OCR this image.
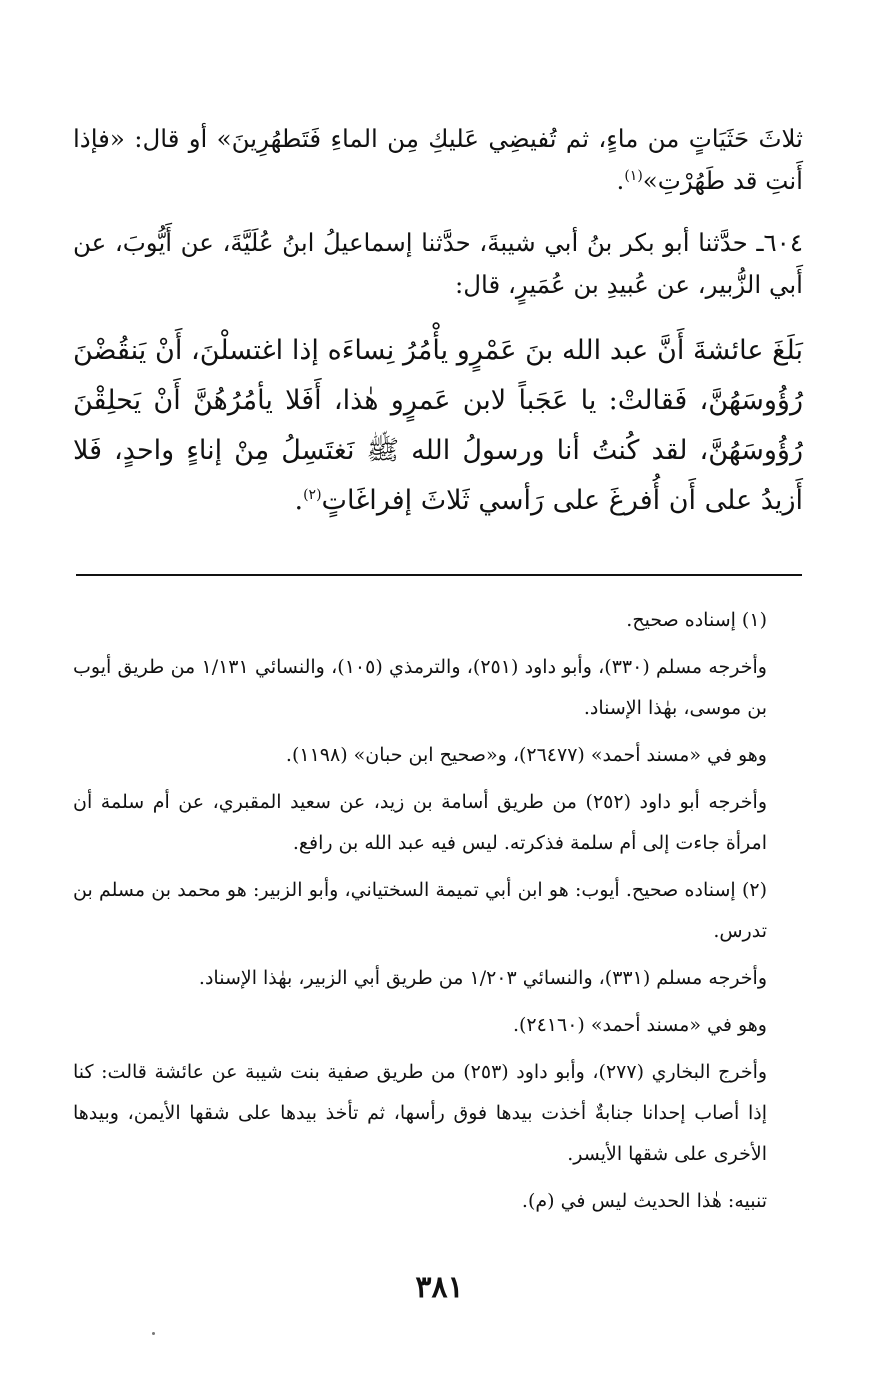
ثلاثَ حَثَيَاتٍ من ماءٍ، ثم تُفيضِي عَليكِ مِن الماءِ فَتَطهُرِينَ» أو قال: «فإذا أَنتِ قد طَهُرْتِ»$^{(١)}$.

٦٠٤ـ حدَّثنا أبو بكر بنُ أبي شيبةَ، حدَّثنا إسماعيلُ ابنُ عُلَيَّةَ، عن أَيُّوبَ، عن أَبي الزُّبير، عن عُبيدِ بن عُمَيرٍ، قال:

بَلَغَ عائشةَ أَنَّ عبد الله بنَ عَمْرٍو يأْمُرُ نِساءَه إذا اغتسلْنَ، أَنْ يَنقُضْنَ رُؤُوسَهُنَّ، فَقالتْ: يا عَجَباً لابن عَمرٍو هٰذا، أَفَلا يأمُرُهُنَّ أَنْ يَحلِقْنَ رُؤُوسَهُنَّ، لقد كُنتُ أنا ورسولُ الله ﷺ نَغتَسِلُ مِنْ إناءٍ واحدٍ، فَلا أَزيدُ على أَن أُفرغَ على رَأسي ثَلاثَ إفراغَاتٍ$^{(٢)}$.

(١) إسناده صحيح.

وأخرجه مسلم (٣٣٠)، وأبو داود (٢٥١)، والترمذي (١٠٥)، والنسائي ١/١٣١ من طريق أيوب بن موسى، بهٰذا الإسناد.

وهو في «مسند أحمد» (٢٦٤٧٧)، و«صحيح ابن حبان» (١١٩٨).

وأخرجه أبو داود (٢٥٢) من طريق أسامة بن زيد، عن سعيد المقبري، عن أم سلمة أن امرأة جاءت إلى أم سلمة فذكرته. ليس فيه عبد الله بن رافع.

(٢) إسناده صحيح. أيوب: هو ابن أبي تميمة السختياني، وأبو الزبير: هو محمد بن مسلم بن تدرس.

وأخرجه مسلم (٣٣١)، والنسائي ١/٢٠٣ من طريق أبي الزبير، بهٰذا الإسناد.

وهو في «مسند أحمد» (٢٤١٦٠).

وأخرج البخاري (٢٧٧)، وأبو داود (٢٥٣) من طريق صفية بنت شيبة عن عائشة قالت: كنا إذا أصاب إحدانا جنابةٌ أخذت بيدها فوق رأسها، ثم تأخذ بيدها على شقها الأيمن، وبيدها الأخرى على شقها الأيسر.

تنبيه: هٰذا الحديث ليس في (م).

٣٨١
